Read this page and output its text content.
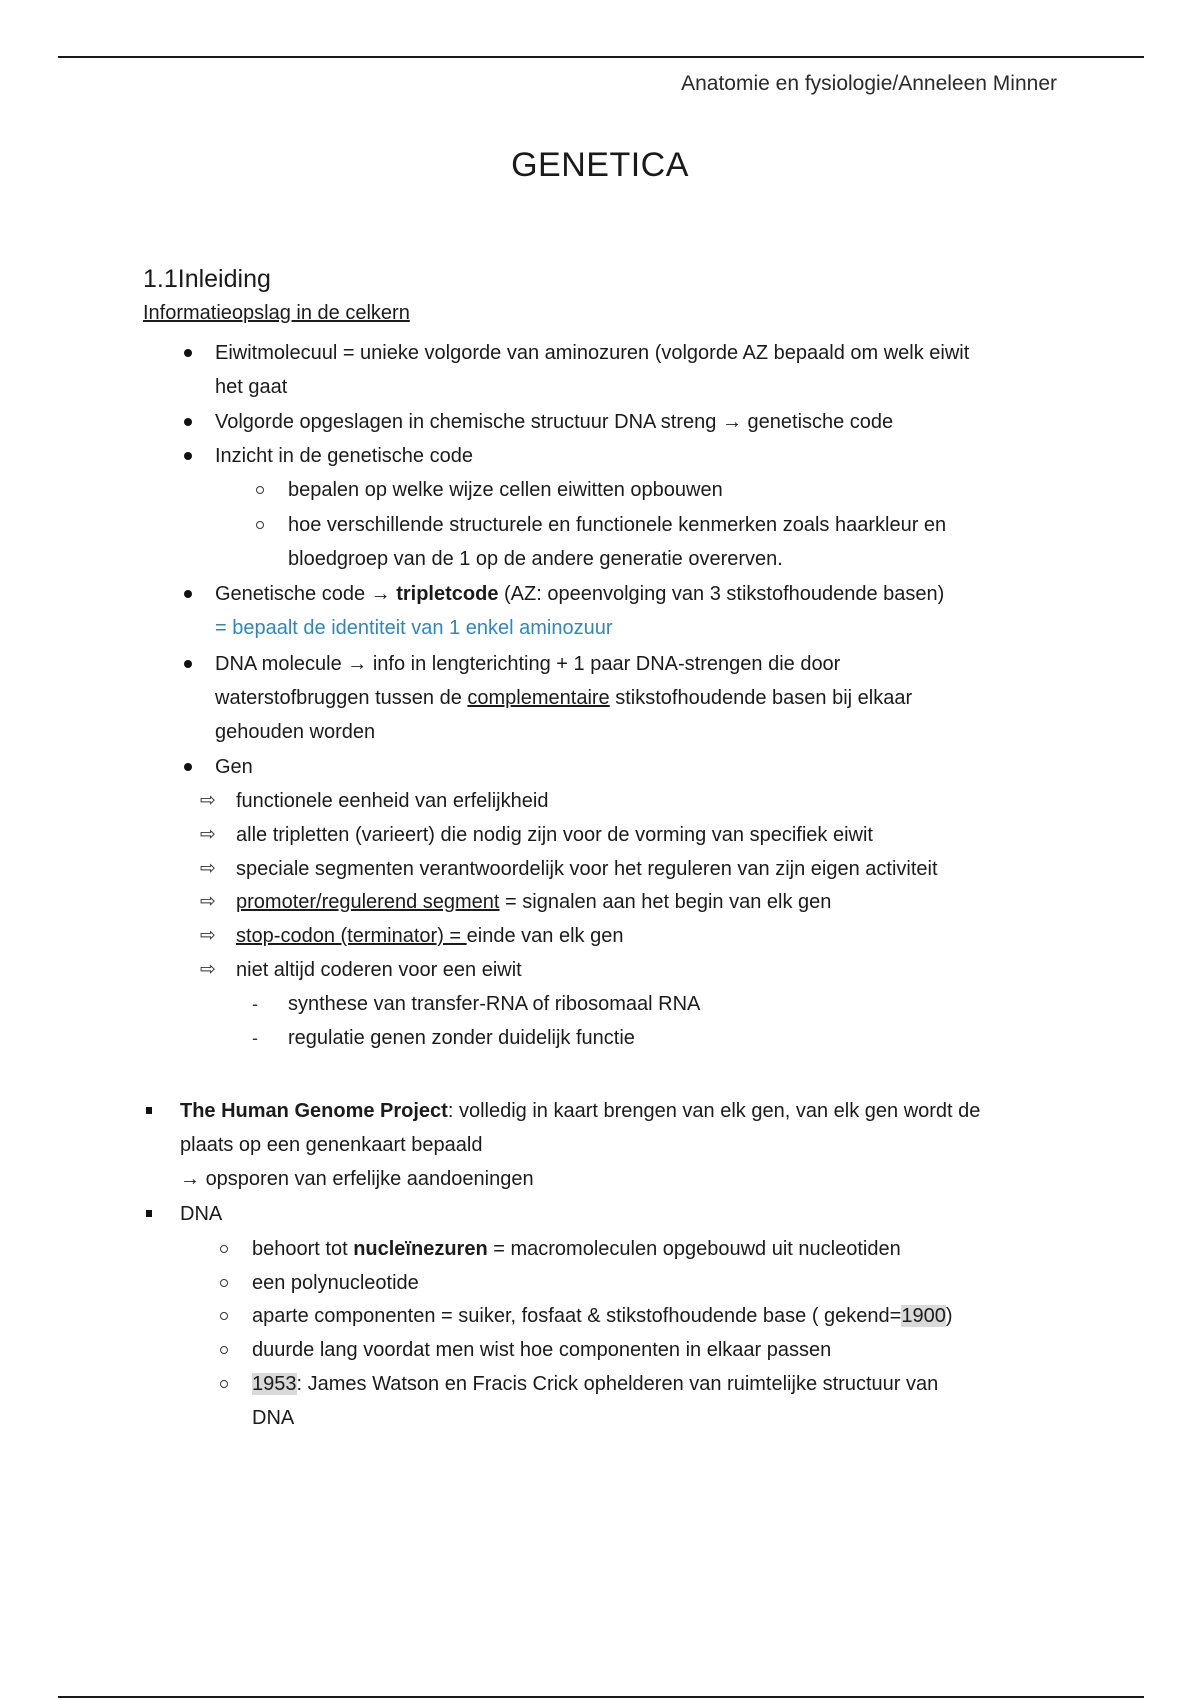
Anatomie en fysiologie/Anneleen Minner
GENETICA
1.1Inleiding
Informatieopslag in de celkern
Eiwitmolecuul = unieke volgorde van aminozuren (volgorde AZ bepaald om welk eiwit
het gaat
Volgorde opgeslagen in chemische structuur DNA streng → genetische code
Inzicht in de genetische code
bepalen op welke wijze cellen eiwitten opbouwen
hoe verschillende structurele en functionele kenmerken zoals haarkleur en
bloedgroep van de 1 op de andere generatie overerven.
Genetische code → tripletcode (AZ: opeenvolging van 3 stikstofhoudende basen)
= bepaalt de identiteit van 1 enkel aminozuur
DNA molecule → info in lengterichting + 1 paar DNA-strengen die door
waterstofbruggen tussen de complementaire stikstofhoudende basen bij elkaar
gehouden worden
Gen
⇨ functionele eenheid van erfelijkheid
⇨ alle tripletten (varieert) die nodig zijn voor de vorming van specifiek eiwit
⇨ speciale segmenten verantwoordelijk voor het reguleren van zijn eigen activiteit
⇨ promoter/regulerend segment = signalen aan het begin van elk gen
⇨ stop-codon (terminator) = einde van elk gen
⇨ niet altijd coderen voor een eiwit
- synthese van transfer-RNA of ribosomaal RNA
- regulatie genen zonder duidelijk functie
The Human Genome Project: volledig in kaart brengen van elk gen, van elk gen wordt de
plaats op een genenkaart bepaald
→ opsporen van erfelijke aandoeningen
DNA
behoort tot nucleïnezuren = macromoleculen opgebouwd uit nucleotiden
een polynucleotide
aparte componenten = suiker, fosfaat & stikstofhoudende base ( gekend=1900)
duurde lang voordat men wist hoe componenten in elkaar passen
1953: James Watson en Fracis Crick ophelderen van ruimtelijke structuur van
DNA
